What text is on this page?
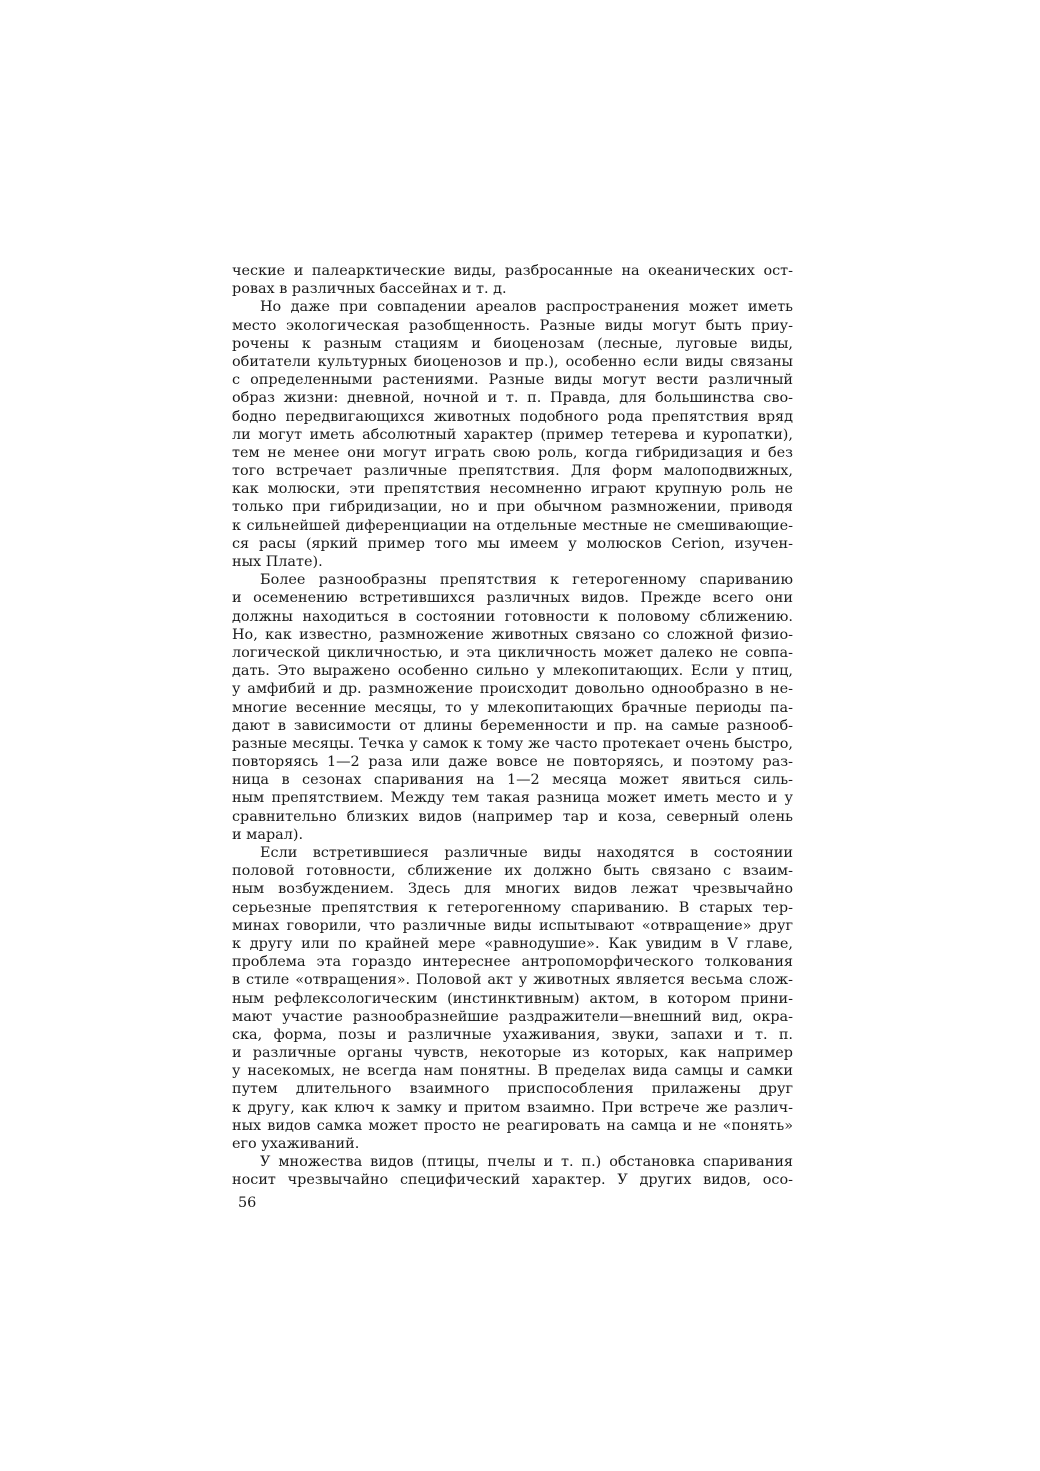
ческие и палеарктические виды, разбросанные на океанических ост-
ровах в различных бассейнах и т. д.
Но даже при совпадении ареалов распространения может иметь
место экологическая разобщенность. Разные виды могут быть приу-
рочены к разным стациям и биоценозам (лесные, луговые виды,
обитатели культурных биоценозов и пр.), особенно если виды связаны
с определенными растениями. Разные виды могут вести различный
образ жизни: дневной, ночной и т. п. Правда, для большинства сво-
бодно передвигающихся животных подобного рода препятствия вряд
ли могут иметь абсолютный характер (пример тетерева и куропатки),
тем не менее они могут играть свою роль, когда гибридизация и без
того встречает различные препятствия. Для форм малоподвижных,
как молюски, эти препятствия несомненно играют крупную роль не
только при гибридизации, но и при обычном размножении, приводя
к сильнейшей диференциации на отдельные местные не смешивающие-
ся расы (яркий пример того мы имеем у молюсков Cerion, изучен-
ных Плате).
Более разнообразны препятствия к гетерогенному спариванию
и осеменению встретившихся различных видов. Прежде всего они
должны находиться в состоянии готовности к половому сближению.
Но, как известно, размножение животных связано со сложной физио-
логической цикличностью, и эта цикличность может далеко не совпа-
дать. Это выражено особенно сильно у млекопитающих. Если у птиц,
у амфибий и др. размножение происходит довольно однообразно в не-
многие весенние месяцы, то у млекопитающих брачные периоды па-
дают в зависимости от длины беременности и пр. на самые разнооб-
разные месяцы. Течка у самок к тому же часто протекает очень быстро,
повторяясь 1—2 раза или даже вовсе не повторяясь, и поэтому раз-
ница в сезонах спаривания на 1—2 месяца может явиться силь-
ным препятствием. Между тем такая разница может иметь место и у
сравнительно близких видов (например тар и коза, северный олень
и марал).
Если встретившиеся различные виды находятся в состоянии
половой готовности, сближение их должно быть связано с взаим-
ным возбуждением. Здесь для многих видов лежат чрезвычайно
серьезные препятствия к гетерогенному спариванию. В старых тер-
минах говорили, что различные виды испытывают «отвращение» друг
к другу или по крайней мере «равнодушие». Как увидим в V главе,
проблема эта гораздо интереснее антропоморфического толкования
в стиле «отвращения». Половой акт у животных является весьма слож-
ным рефлексологическим (инстинктивным) актом, в котором прини-
мают участие разнообразнейшие раздражители—внешний вид, окра-
ска, форма, позы и различные ухаживания, звуки, запахи и т. п.
и различные органы чувств, некоторые из которых, как например
у насекомых, не всегда нам понятны. В пределах вида самцы и самки
путем длительного взаимного приспособления прилажены друг
к другу, как ключ к замку и притом взаимно. При встрече же различ-
ных видов самка может просто не реагировать на самца и не «понять»
его ухаживаний.
У множества видов (птицы, пчелы и т. п.) обстановка спаривания
носит чрезвычайно специфический характер. У других видов, осо-
56
